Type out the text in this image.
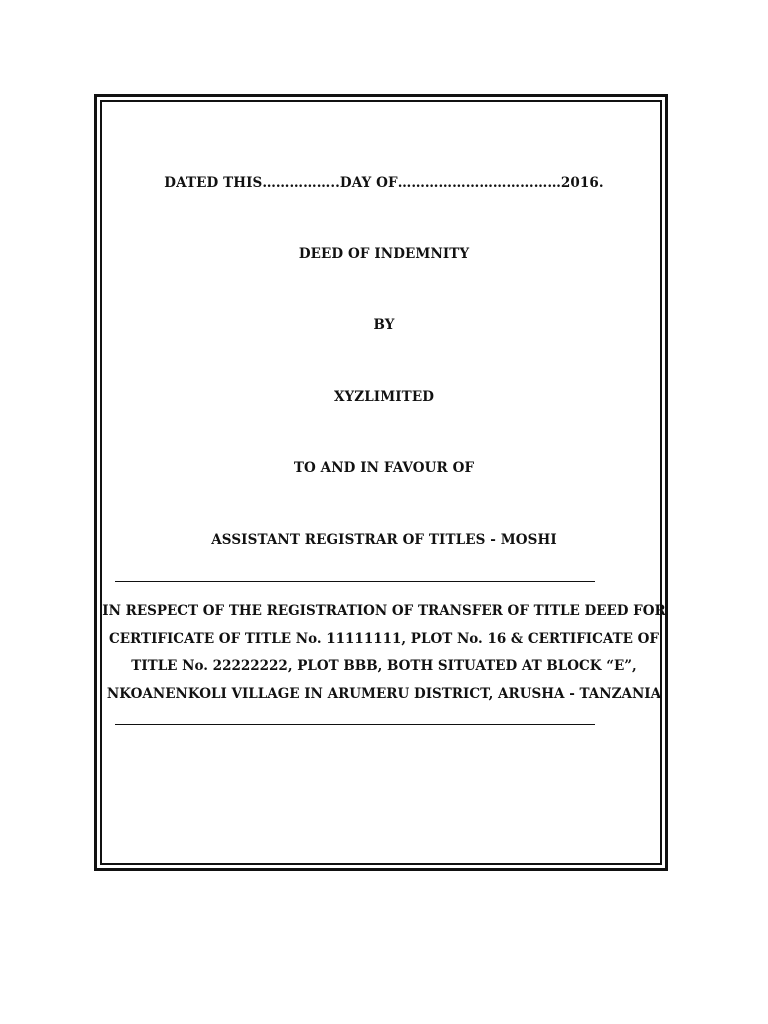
DATED THIS……………..DAY OF………………………………2016.
DEED OF INDEMNITY
BY
XYZLIMITED
TO AND IN FAVOUR OF
ASSISTANT REGISTRAR OF TITLES - MOSHI
IN RESPECT OF THE REGISTRATION OF TRANSFER OF TITLE DEED FOR
CERTIFICATE OF TITLE No. 11111111, PLOT No. 16 & CERTIFICATE OF
TITLE No. 22222222, PLOT BBB, BOTH SITUATED AT BLOCK “E”,
NKOANENKOLI VILLAGE IN ARUMERU DISTRICT, ARUSHA - TANZANIA
